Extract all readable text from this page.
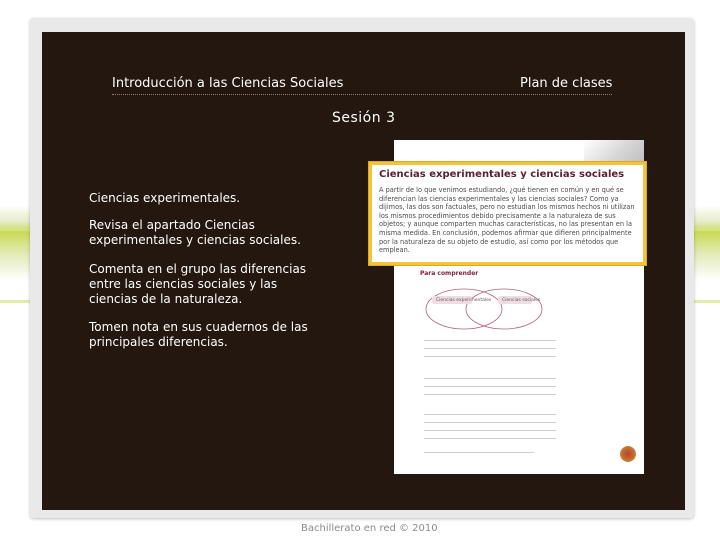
Introducción a las Ciencias Sociales	Plan de clases
Sesión 3
Ciencias experimentales.
Revisa el apartado Ciencias experimentales y ciencias sociales.
Comenta en el grupo las diferencias entre las ciencias sociales y las ciencias de la naturaleza.
Tomen nota en sus cuadernos de las principales diferencias.
Para comprender
Ciencias experimentales Ciencias sociales
Ciencias experimentales y ciencias sociales
A partir de lo que venimos estudiando, ¿qué tienen en común y en qué se diferencian las ciencias experimentales y las ciencias sociales? Como ya dijimos, las dos son factuales, pero no estudian los mismos hechos ni utilizan los mismos procedimientos debido precisamente a la naturaleza de sus objetos; y aunque comparten muchas características, no las presentan en la misma medida. En conclusión, podemos afirmar que difieren principalmente por la naturaleza de su objeto de estudio, así como por los métodos que emplean.
Bachillerato en red © 2010
